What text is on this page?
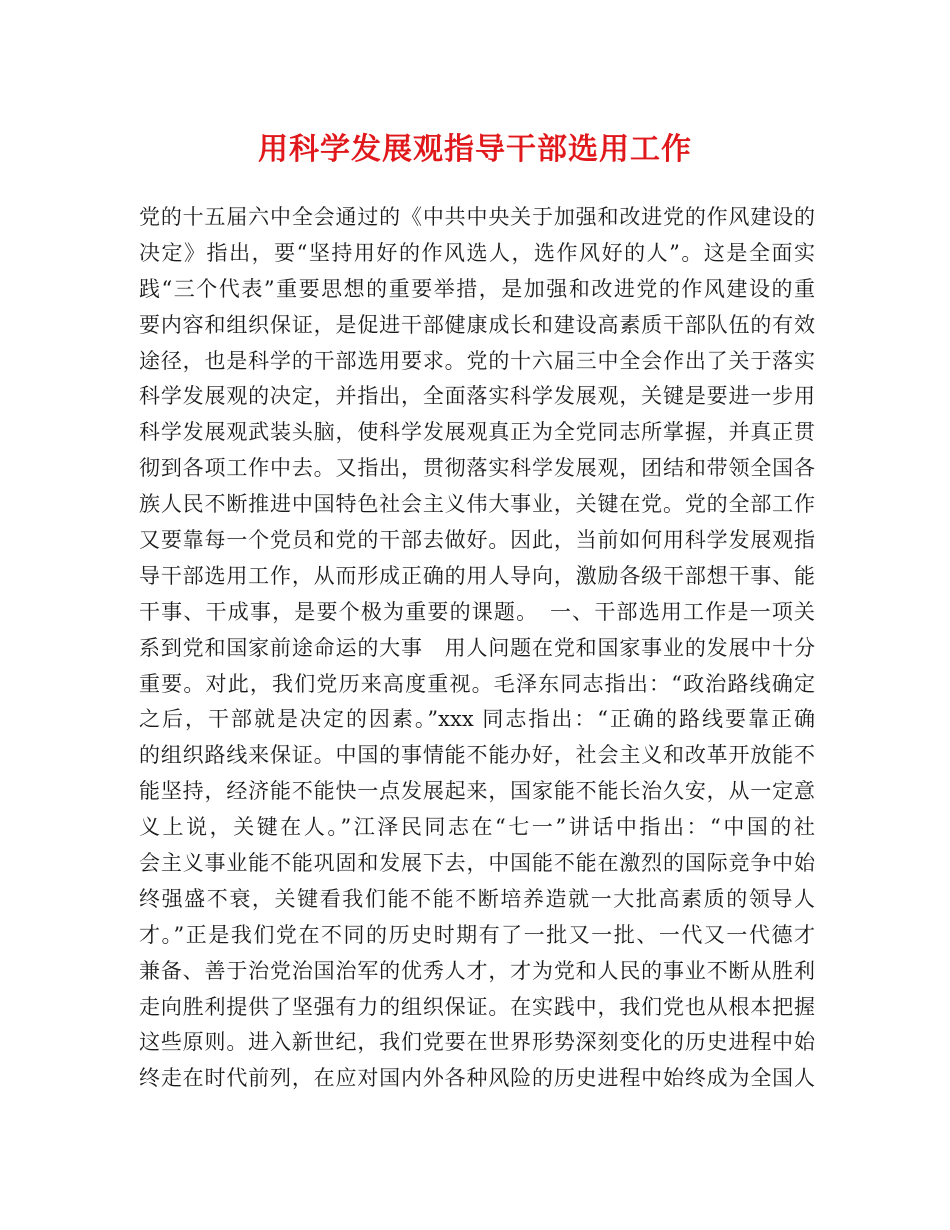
用科学发展观指导干部选用工作
党的十五届六中全会通过的《中共中央关于加强和改进党的作风建设的
决定》指出，要“坚持用好的作风选人，选作风好的人”。这是全面实
践“三个代表”重要思想的重要举措，是加强和改进党的作风建设的重
要内容和组织保证，是促进干部健康成长和建设高素质干部队伍的有效
途径，也是科学的干部选用要求。党的十六届三中全会作出了关于落实
科学发展观的决定，并指出，全面落实科学发展观，关键是要进一步用
科学发展观武装头脑，使科学发展观真正为全党同志所掌握，并真正贯
彻到各项工作中去。又指出，贯彻落实科学发展观，团结和带领全国各
族人民不断推进中国特色社会主义伟大事业，关键在党。党的全部工作
又要靠每一个党员和党的干部去做好。因此，当前如何用科学发展观指
导干部选用工作，从而形成正确的用人导向，激励各级干部想干事、能
干事、干成事，是要个极为重要的课题。　一、干部选用工作是一项关
系到党和国家前途命运的大事　用人问题在党和国家事业的发展中十分
重要。对此，我们党历来高度重视。毛泽东同志指出：“政治路线确定
之后，干部就是决定的因素。”xxx 同志指出：“正确的路线要靠正确
的组织路线来保证。中国的事情能不能办好，社会主义和改革开放能不
能坚持，经济能不能快一点发展起来，国家能不能长治久安，从一定意
义上说，关键在人。”江泽民同志在“七一”讲话中指出：“中国的社
会主义事业能不能巩固和发展下去，中国能不能在激烈的国际竞争中始
终强盛不衰，关键看我们能不能不断培养造就一大批高素质的领导人
才。”正是我们党在不同的历史时期有了一批又一批、一代又一代德才
兼备、善于治党治国治军的优秀人才，才为党和人民的事业不断从胜利
走向胜利提供了坚强有力的组织保证。在实践中，我们党也从根本把握
这些原则。进入新世纪，我们党要在世界形势深刻变化的历史进程中始
终走在时代前列，在应对国内外各种风险的历史进程中始终成为全国人
